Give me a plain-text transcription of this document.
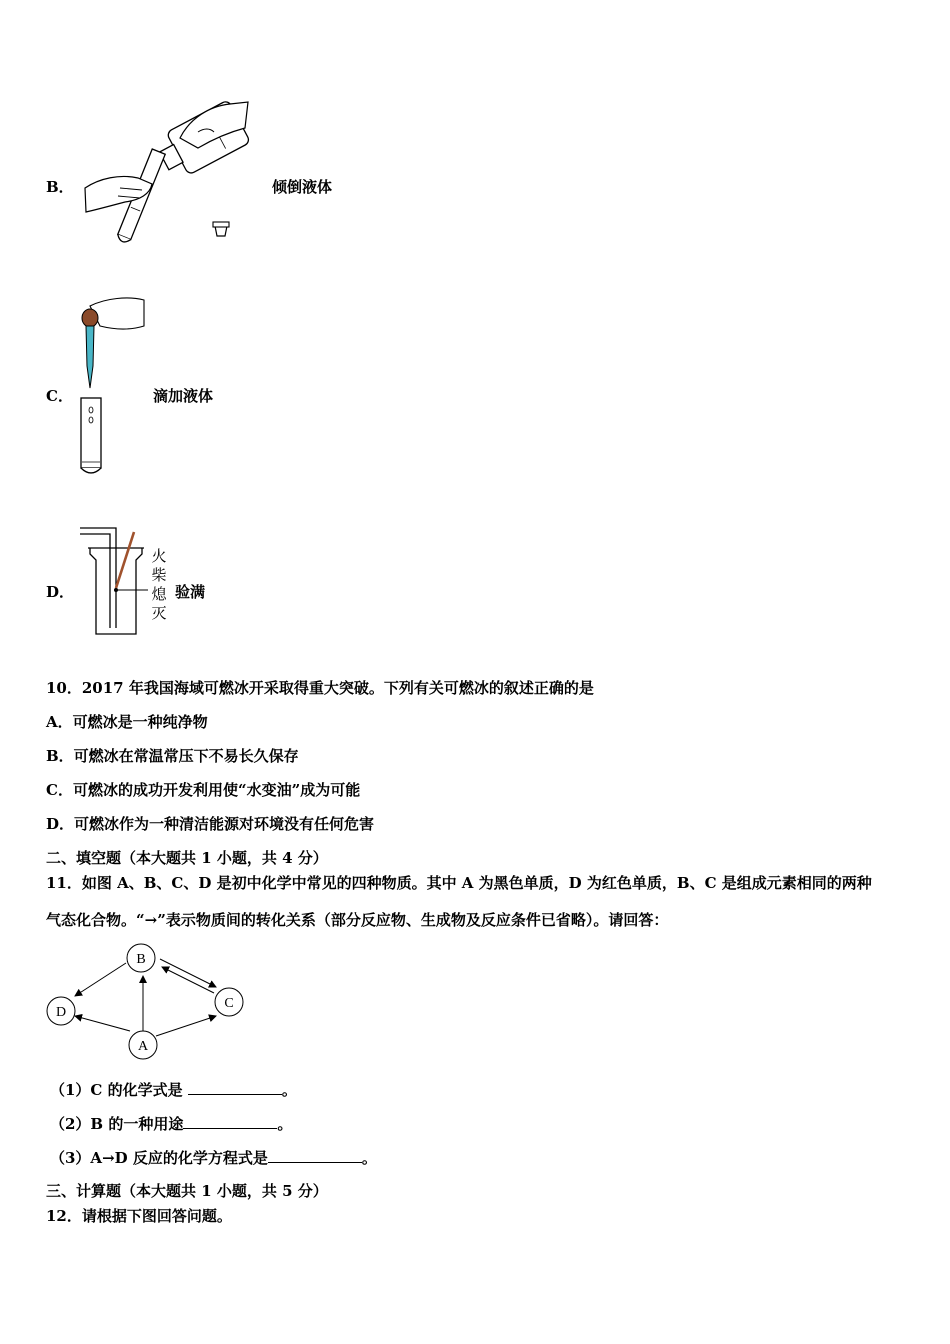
B．	倾倒液体
C．	滴加液体
D．
火
柴
熄
灭
验满
10．2017 年我国海域可燃冰开采取得重大突破。下列有关可燃冰的叙述正确的是
A．可燃冰是一种纯净物
B．可燃冰在常温常压下不易长久保存
C．可燃冰的成功开发利用使“水变油”成为可能
D．可燃冰作为一种清洁能源对环境没有任何危害
二、填空题（本大题共 1 小题，共 4 分）
11．如图 A、B、C、D 是初中化学中常见的四种物质。其中 A 为黑色单质，D 为红色单质，B、C 是组成元素相同的两种
气态化合物。“→”表示物质间的转化关系（部分反应物、生成物及反应条件已省略）。请回答：
B
C
D
A
（1）C 的化学式是	。
（2）B 的一种用途	。
（3）A→D 反应的化学方程式是	。
三、计算题（本大题共 1 小题，共 5 分）
12．请根据下图回答问题。
